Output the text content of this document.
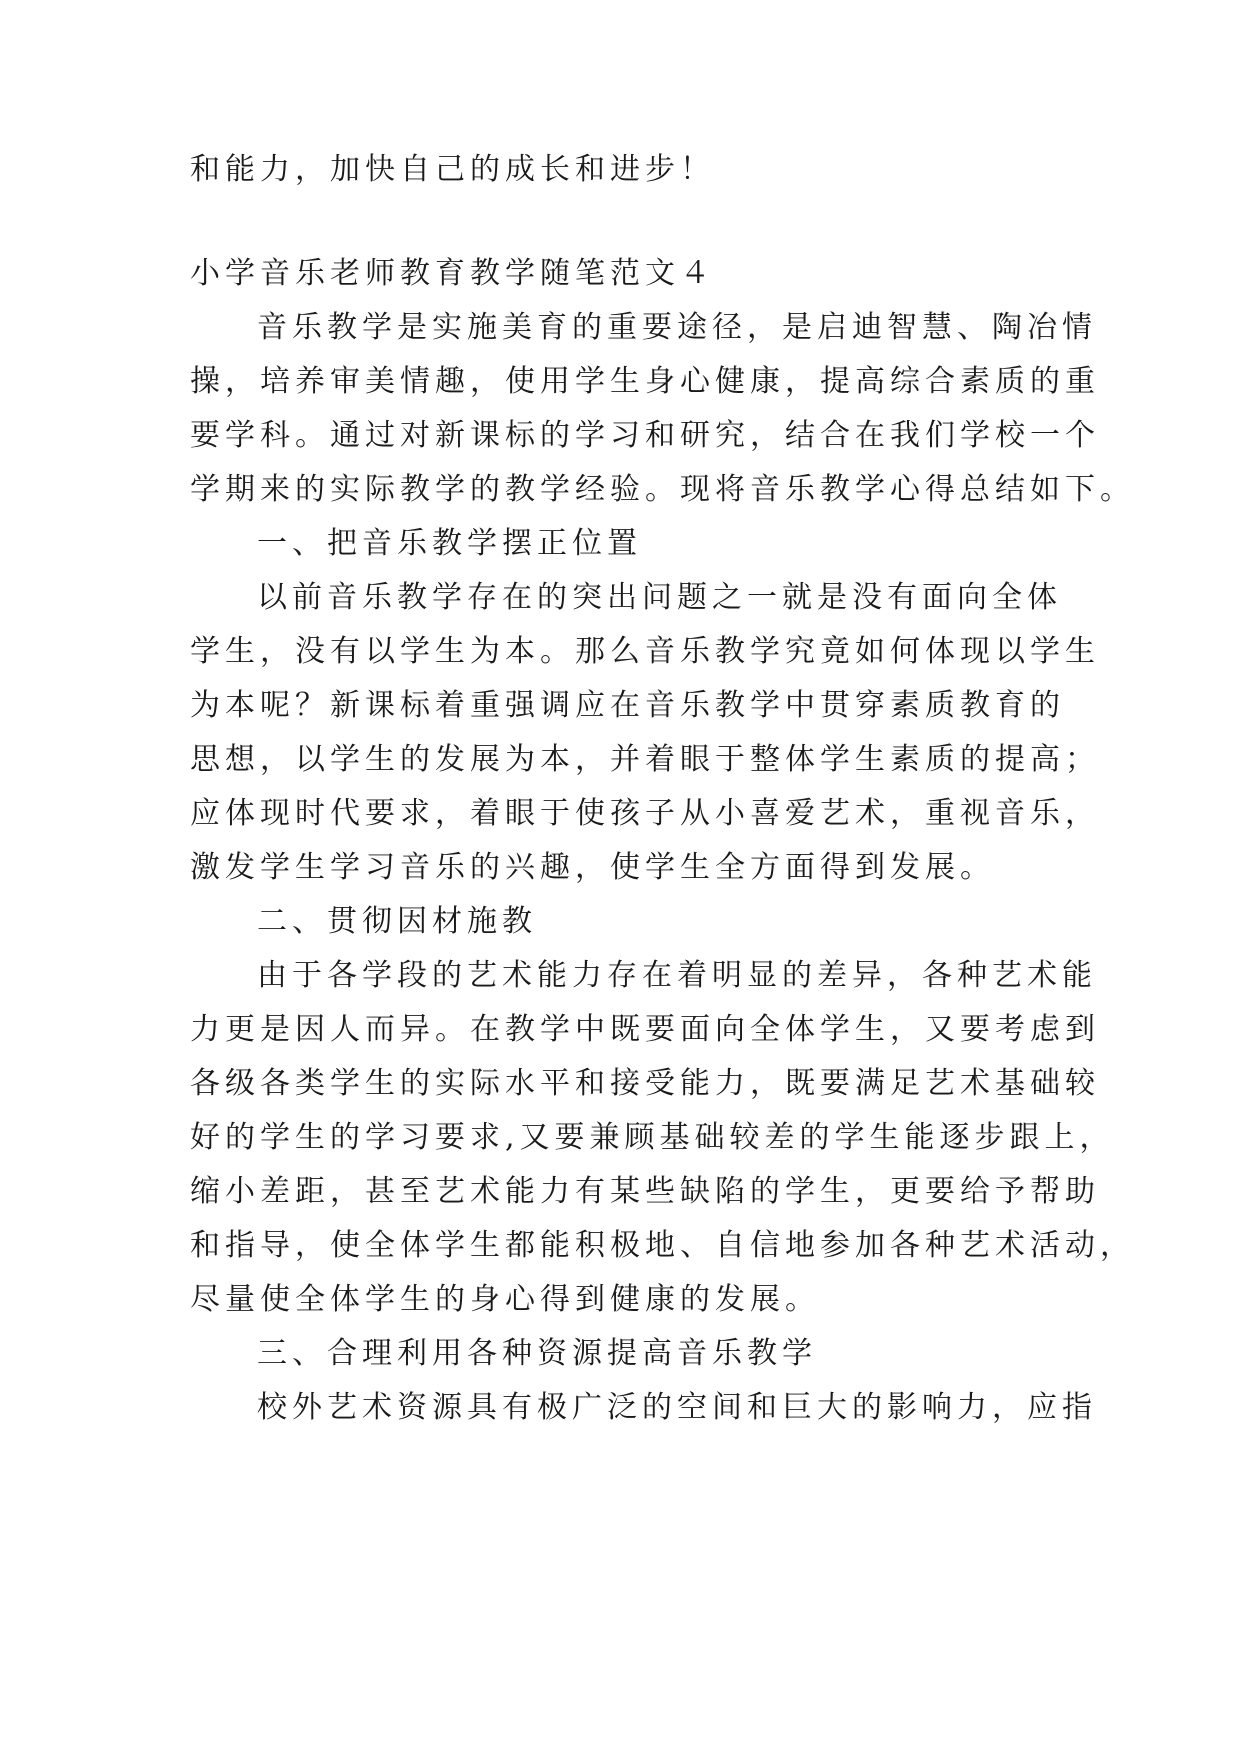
和能力，加快自己的成长和进步！

小学音乐老师教育教学随笔范文４

音乐教学是实施美育的重要途径，是启迪智慧、陶冶情

操，培养审美情趣，使用学生身心健康，提高综合素质的重

要学科。通过对新课标的学习和研究，结合在我们学校一个

学期来的实际教学的教学经验。现将音乐教学心得总结如下。

一、把音乐教学摆正位置

以前音乐教学存在的突出问题之一就是没有面向全体

学生，没有以学生为本。那么音乐教学究竟如何体现以学生

为本呢？新课标着重强调应在音乐教学中贯穿素质教育的

思想，以学生的发展为本，并着眼于整体学生素质的提高；

应体现时代要求，着眼于使孩子从小喜爱艺术，重视音乐，

激发学生学习音乐的兴趣，使学生全方面得到发展。

二、贯彻因材施教

由于各学段的艺术能力存在着明显的差异，各种艺术能

力更是因人而异。在教学中既要面向全体学生，又要考虑到

各级各类学生的实际水平和接受能力，既要满足艺术基础较

好的学生的学习要求,又要兼顾基础较差的学生能逐步跟上，

缩小差距，甚至艺术能力有某些缺陷的学生，更要给予帮助

和指导，使全体学生都能积极地、自信地参加各种艺术活动，

尽量使全体学生的身心得到健康的发展。

三、合理利用各种资源提高音乐教学

校外艺术资源具有极广泛的空间和巨大的影响力，应指
